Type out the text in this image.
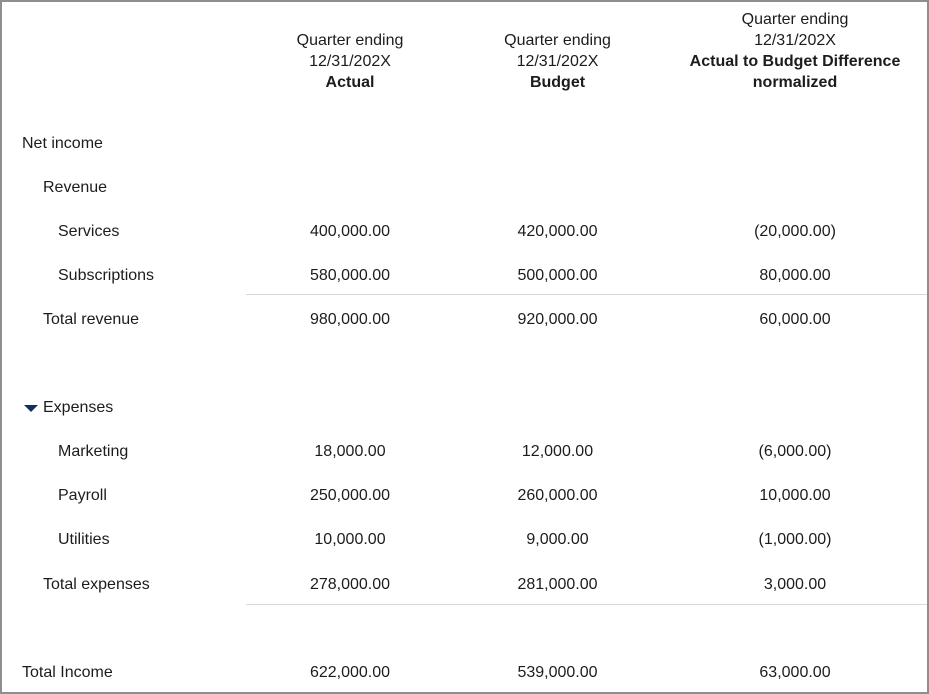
Quarter ending
12/31/202X
Actual
Quarter ending
12/31/202X
Budget
Quarter ending
12/31/202X
Actual to Budget Difference
normalized
Net income
Revenue
Services	400,000.00	420,000.00	(20,000.00)
Subscriptions	580,000.00	500,000.00	80,000.00
Total revenue	980,000.00	920,000.00	60,000.00
Expenses
Marketing	18,000.00	12,000.00	(6,000.00)
Payroll	250,000.00	260,000.00	10,000.00
Utilities	10,000.00	9,000.00	(1,000.00)
Total expenses	278,000.00	281,000.00	3,000.00
Total Income	622,000.00	539,000.00	63,000.00
